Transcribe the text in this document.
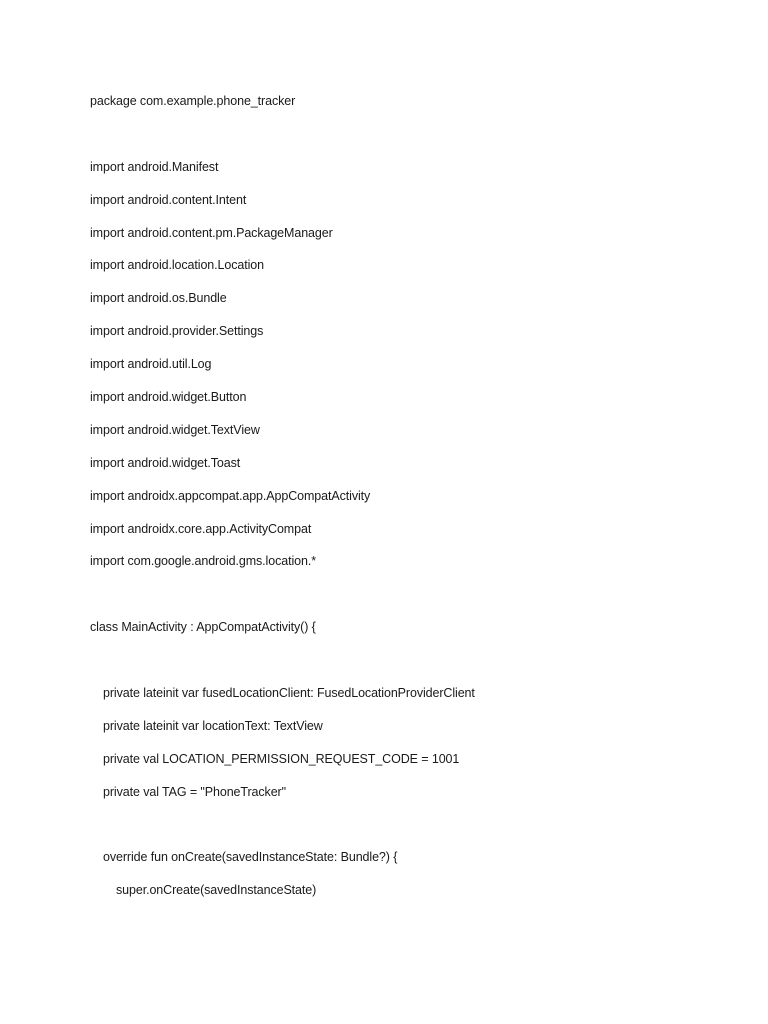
package com.example.phone_tracker
import android.Manifest
import android.content.Intent
import android.content.pm.PackageManager
import android.location.Location
import android.os.Bundle
import android.provider.Settings
import android.util.Log
import android.widget.Button
import android.widget.TextView
import android.widget.Toast
import androidx.appcompat.app.AppCompatActivity
import androidx.core.app.ActivityCompat
import com.google.android.gms.location.*
class MainActivity : AppCompatActivity() {
private lateinit var fusedLocationClient: FusedLocationProviderClient
private lateinit var locationText: TextView
private val LOCATION_PERMISSION_REQUEST_CODE = 1001
private val TAG = "PhoneTracker"
override fun onCreate(savedInstanceState: Bundle?) {
super.onCreate(savedInstanceState)
